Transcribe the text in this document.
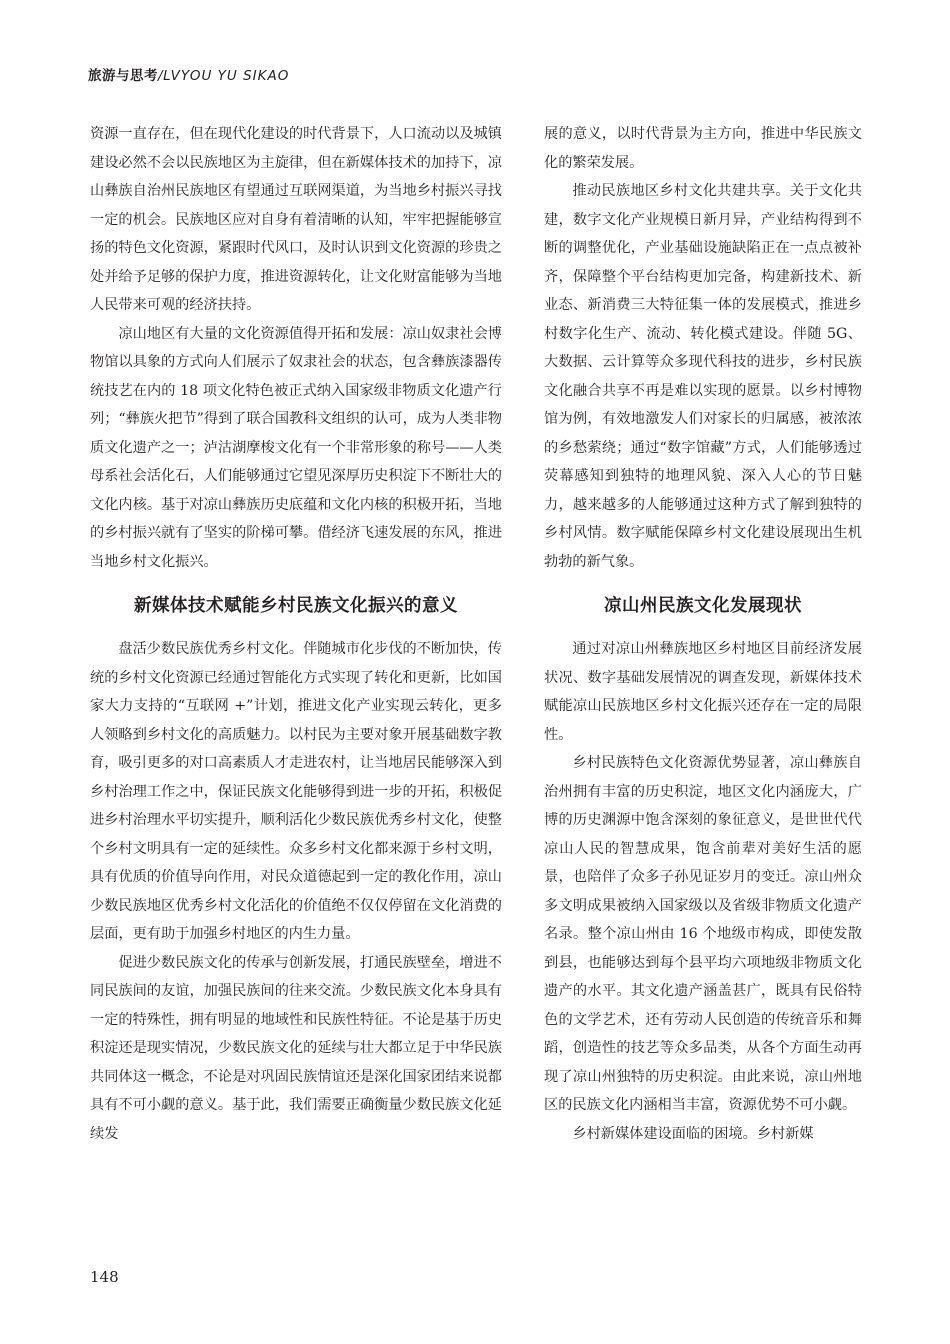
旅游与思考/LVYOU YU SIKAO

资源一直存在，但在现代化建设的时代背景下，人口流动以及城镇建设必然不会以民族地区为主旋律，但在新媒体技术的加持下，凉山彝族自治州民族地区有望通过互联网渠道，为当地乡村振兴寻找一定的机会。民族地区应对自身有着清晰的认知，牢牢把握能够宣扬的特色文化资源，紧跟时代风口，及时认识到文化资源的珍贵之处并给予足够的保护力度，推进资源转化，让文化财富能够为当地人民带来可观的经济扶持。

凉山地区有大量的文化资源值得开拓和发展：凉山奴隶社会博物馆以具象的方式向人们展示了奴隶社会的状态，包含彝族漆器传统技艺在内的 18 项文化特色被正式纳入国家级非物质文化遗产行列；“彝族火把节”得到了联合国教科文组织的认可，成为人类非物质文化遗产之一；泸沽湖摩梭文化有一个非常形象的称号——人类母系社会活化石，人们能够通过它望见深厚历史积淀下不断壮大的文化内核。基于对凉山彝族历史底蕴和文化内核的积极开拓，当地的乡村振兴就有了坚实的阶梯可攀。借经济飞速发展的东风，推进当地乡村文化振兴。

新媒体技术赋能乡村民族文化振兴的意义

盘活少数民族优秀乡村文化。伴随城市化步伐的不断加快，传统的乡村文化资源已经通过智能化方式实现了转化和更新，比如国家大力支持的“互联网 +”计划，推进文化产业实现云转化，更多人领略到乡村文化的高质魅力。以村民为主要对象开展基础数字教育，吸引更多的对口高素质人才走进农村，让当地居民能够深入到乡村治理工作之中，保证民族文化能够得到进一步的开拓，积极促进乡村治理水平切实提升，顺利活化少数民族优秀乡村文化，使整个乡村文明具有一定的延续性。众多乡村文化都来源于乡村文明，具有优质的价值导向作用，对民众道德起到一定的教化作用，凉山少数民族地区优秀乡村文化活化的价值绝不仅仅停留在文化消费的层面，更有助于加强乡村地区的内生力量。

促进少数民族文化的传承与创新发展，打通民族壁垒，增进不同民族间的友谊，加强民族间的往来交流。少数民族文化本身具有一定的特殊性，拥有明显的地域性和民族性特征。不论是基于历史积淀还是现实情况，少数民族文化的延续与壮大都立足于中华民族共同体这一概念，不论是对巩固民族情谊还是深化国家团结来说都具有不可小觑的意义。基于此，我们需要正确衡量少数民族文化延续发

展的意义，以时代背景为主方向，推进中华民族文化的繁荣发展。

推动民族地区乡村文化共建共享。关于文化共建，数字文化产业规模日新月异，产业结构得到不断的调整优化，产业基础设施缺陷正在一点点被补齐，保障整个平台结构更加完备，构建新技术、新业态、新消费三大特征集一体的发展模式，推进乡村数字化生产、流动、转化模式建设。伴随 5G、大数据、云计算等众多现代科技的进步，乡村民族文化融合共享不再是难以实现的愿景。以乡村博物馆为例，有效地激发人们对家长的归属感，被浓浓的乡愁萦绕；通过“数字馆藏”方式，人们能够透过荧幕感知到独特的地理风貌、深入人心的节日魅力，越来越多的人能够通过这种方式了解到独特的乡村风情。数字赋能保障乡村文化建设展现出生机勃勃的新气象。

凉山州民族文化发展现状

通过对凉山州彝族地区乡村地区目前经济发展状况、数字基础发展情况的调查发现，新媒体技术赋能凉山民族地区乡村文化振兴还存在一定的局限性。

乡村民族特色文化资源优势显著，凉山彝族自治州拥有丰富的历史积淀，地区文化内涵庞大，广博的历史渊源中饱含深刻的象征意义，是世世代代凉山人民的智慧成果，饱含前辈对美好生活的愿景，也陪伴了众多子孙见证岁月的变迁。凉山州众多文明成果被纳入国家级以及省级非物质文化遗产名录。整个凉山州由 16 个地级市构成，即使发散到县，也能够达到每个县平均六项地级非物质文化遗产的水平。其文化遗产涵盖甚广，既具有民俗特色的文学艺术，还有劳动人民创造的传统音乐和舞蹈，创造性的技艺等众多品类，从各个方面生动再现了凉山州独特的历史积淀。由此来说，凉山州地区的民族文化内涵相当丰富，资源优势不可小觑。

乡村新媒体建设面临的困境。乡村新媒

148
